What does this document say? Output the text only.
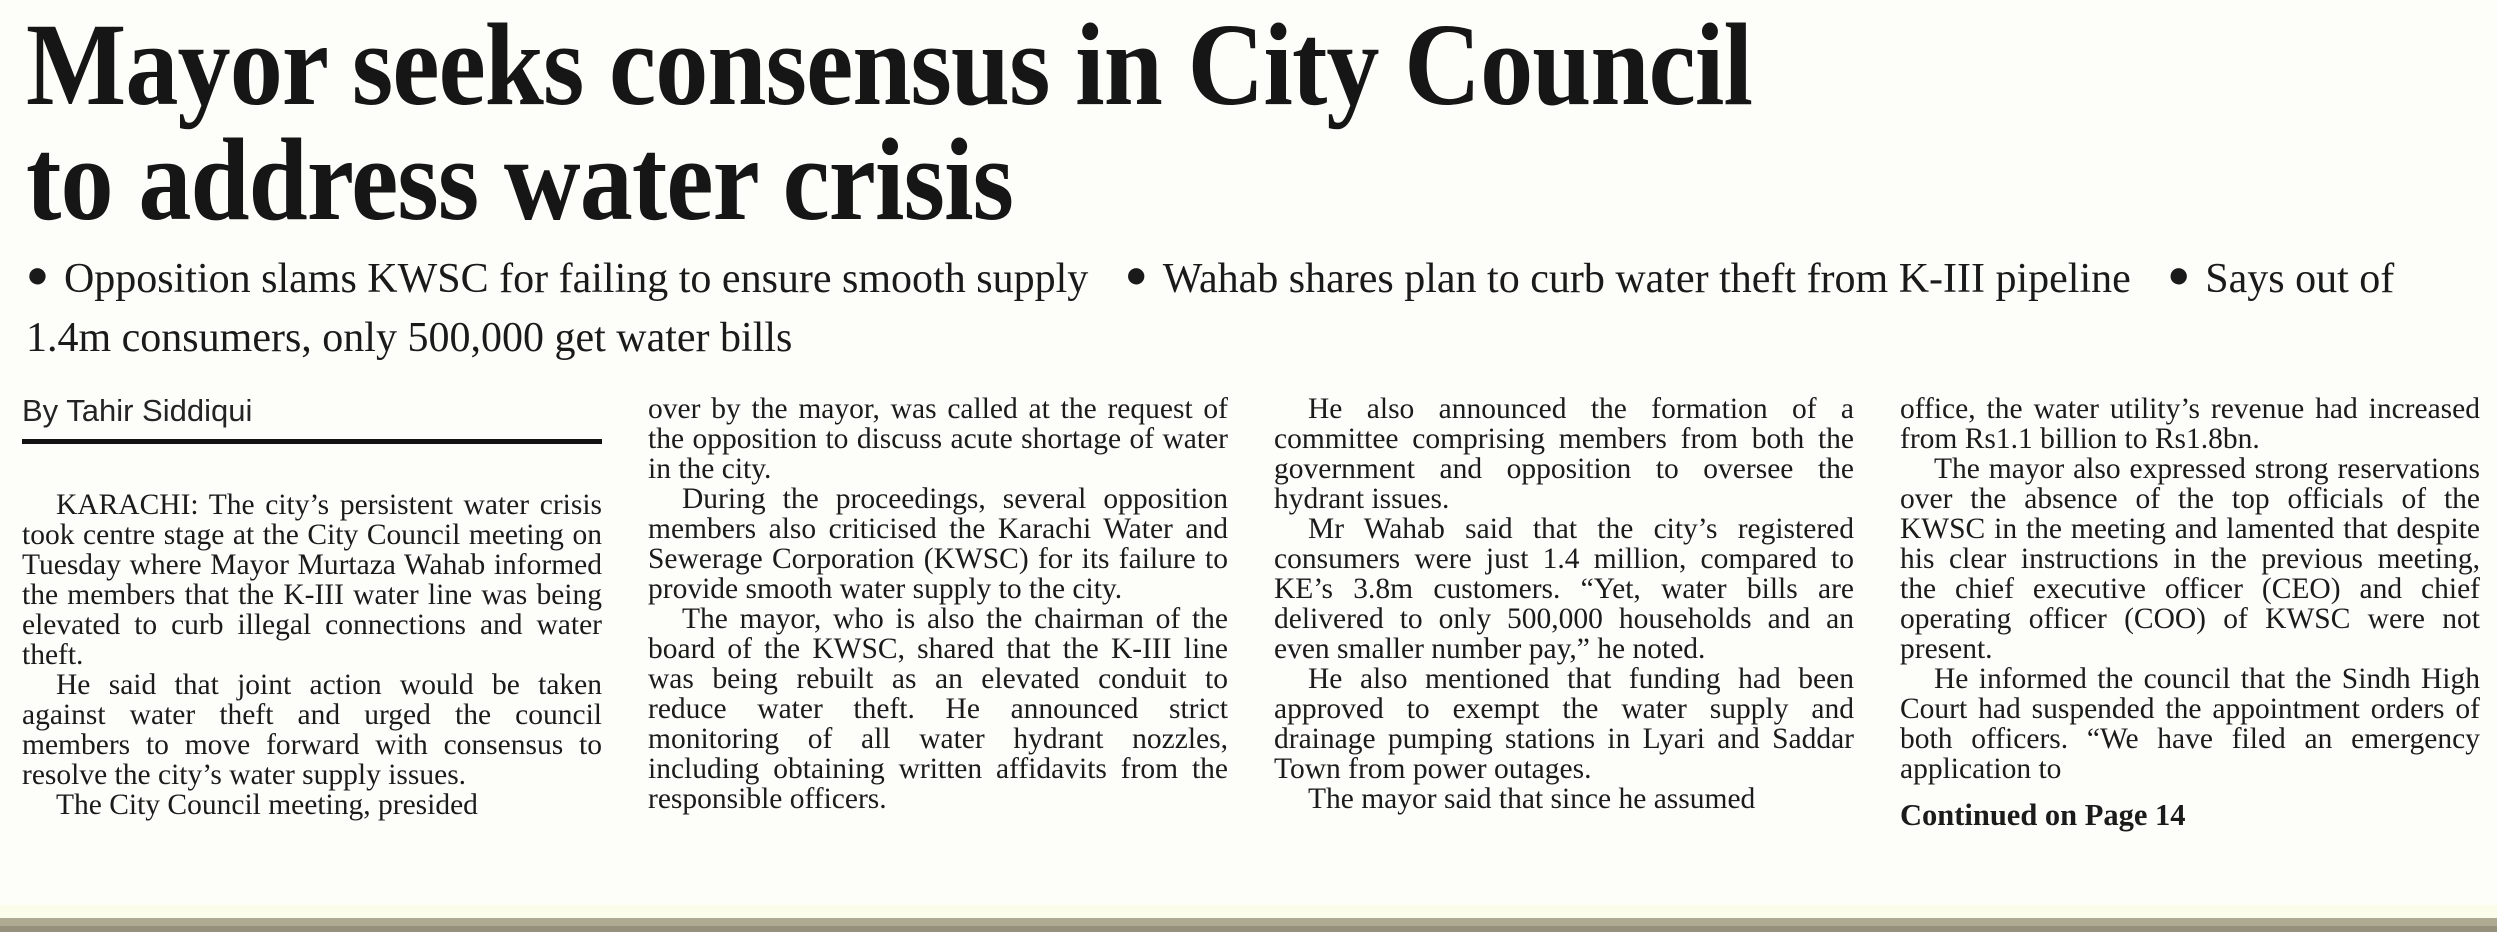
Mayor seeks consensus in City Council
to address water crisis
● Opposition slams KWSC for failing to ensure smooth supply ● Wahab shares plan to curb water theft from K-III pipeline ● Says out of 1.4m consumers, only 500,000 get water bills
By Tahir Siddiqui

KARACHI: The city’s persistent water crisis took centre stage at the City Council meeting on Tuesday where Mayor Murtaza Wahab informed the members that the K-III water line was being elevated to curb illegal connections and water theft.

He said that joint action would be taken against water theft and urged the council members to move forward with consensus to resolve the city’s water supply issues.

The City Council meeting, presided

over by the mayor, was called at the request of the opposition to discuss acute shortage of water in the city.

During the proceedings, several opposition members also criticised the Karachi Water and Sewerage Corporation (KWSC) for its failure to provide smooth water supply to the city.

The mayor, who is also the chairman of the board of the KWSC, shared that the K-III line was being rebuilt as an elevated conduit to reduce water theft. He announced strict monitoring of all water hydrant nozzles, including obtaining written affidavits from the responsible officers.

He also announced the formation of a committee comprising members from both the government and opposition to oversee the hydrant issues.

Mr Wahab said that the city’s registered consumers were just 1.4 million, compared to KE’s 3.8m customers. “Yet, water bills are delivered to only 500,000 households and an even smaller number pay,” he noted.

He also mentioned that funding had been approved to exempt the water supply and drainage pumping stations in Lyari and Saddar Town from power outages.

The mayor said that since he assumed

office, the water utility’s revenue had increased from Rs1.1 billion to Rs1.8bn.

The mayor also expressed strong reservations over the absence of the top officials of the KWSC in the meeting and lamented that despite his clear instructions in the previous meeting, the chief executive officer (CEO) and chief operating officer (COO) of KWSC were not present.

He informed the council that the Sindh High Court had suspended the appointment orders of both officers. “We have filed an emergency application to

Continued on Page 14
